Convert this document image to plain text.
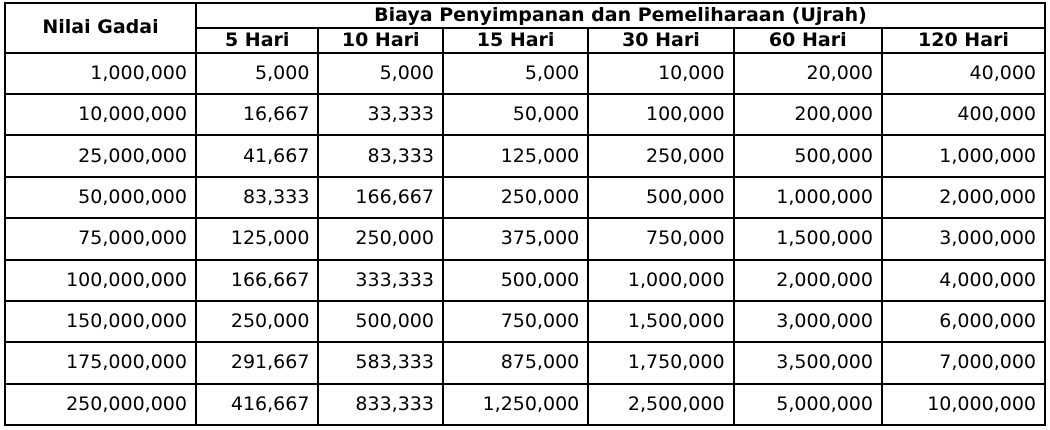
Nilai Gadai	Biaya Penyimpanan dan Pemeliharaan (Ujrah)					
	5 Hari	10 Hari	15 Hari	30 Hari	60 Hari	120 Hari
1,000,000	5,000	5,000	5,000	10,000	20,000	40,000
10,000,000	16,667	33,333	50,000	100,000	200,000	400,000
25,000,000	41,667	83,333	125,000	250,000	500,000	1,000,000
50,000,000	83,333	166,667	250,000	500,000	1,000,000	2,000,000
75,000,000	125,000	250,000	375,000	750,000	1,500,000	3,000,000
100,000,000	166,667	333,333	500,000	1,000,000	2,000,000	4,000,000
150,000,000	250,000	500,000	750,000	1,500,000	3,000,000	6,000,000
175,000,000	291,667	583,333	875,000	1,750,000	3,500,000	7,000,000
250,000,000	416,667	833,333	1,250,000	2,500,000	5,000,000	10,000,000
